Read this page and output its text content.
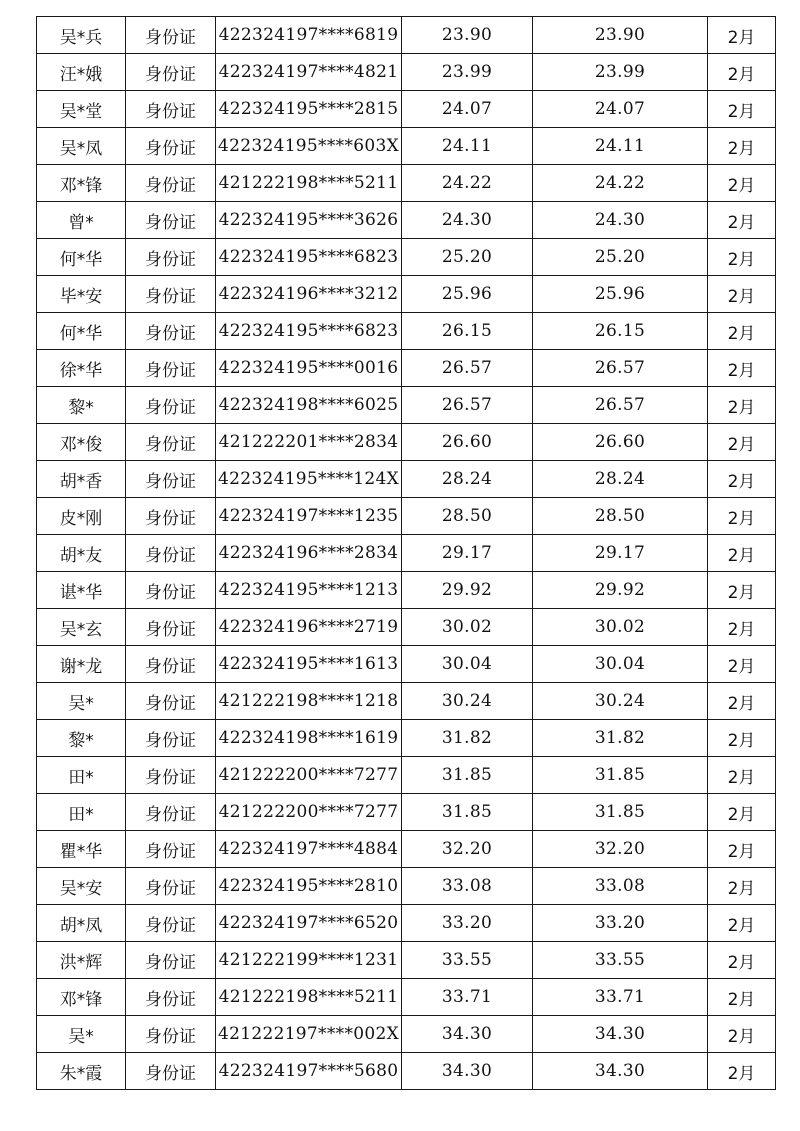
吴*兵	身份证	422324197****6819	23.90	23.90	2月
汪*娥	身份证	422324197****4821	23.99	23.99	2月
吴*堂	身份证	422324195****2815	24.07	24.07	2月
吴*凤	身份证	422324195****603X	24.11	24.11	2月
邓*锋	身份证	421222198****5211	24.22	24.22	2月
曾*	身份证	422324195****3626	24.30	24.30	2月
何*华	身份证	422324195****6823	25.20	25.20	2月
毕*安	身份证	422324196****3212	25.96	25.96	2月
何*华	身份证	422324195****6823	26.15	26.15	2月
徐*华	身份证	422324195****0016	26.57	26.57	2月
黎*	身份证	422324198****6025	26.57	26.57	2月
邓*俊	身份证	421222201****2834	26.60	26.60	2月
胡*香	身份证	422324195****124X	28.24	28.24	2月
皮*刚	身份证	422324197****1235	28.50	28.50	2月
胡*友	身份证	422324196****2834	29.17	29.17	2月
谌*华	身份证	422324195****1213	29.92	29.92	2月
吴*玄	身份证	422324196****2719	30.02	30.02	2月
谢*龙	身份证	422324195****1613	30.04	30.04	2月
吴*	身份证	421222198****1218	30.24	30.24	2月
黎*	身份证	422324198****1619	31.82	31.82	2月
田*	身份证	421222200****7277	31.85	31.85	2月
田*	身份证	421222200****7277	31.85	31.85	2月
瞿*华	身份证	422324197****4884	32.20	32.20	2月
吴*安	身份证	422324195****2810	33.08	33.08	2月
胡*凤	身份证	422324197****6520	33.20	33.20	2月
洪*辉	身份证	421222199****1231	33.55	33.55	2月
邓*锋	身份证	421222198****5211	33.71	33.71	2月
吴*	身份证	421222197****002X	34.30	34.30	2月
朱*霞	身份证	422324197****5680	34.30	34.30	2月
